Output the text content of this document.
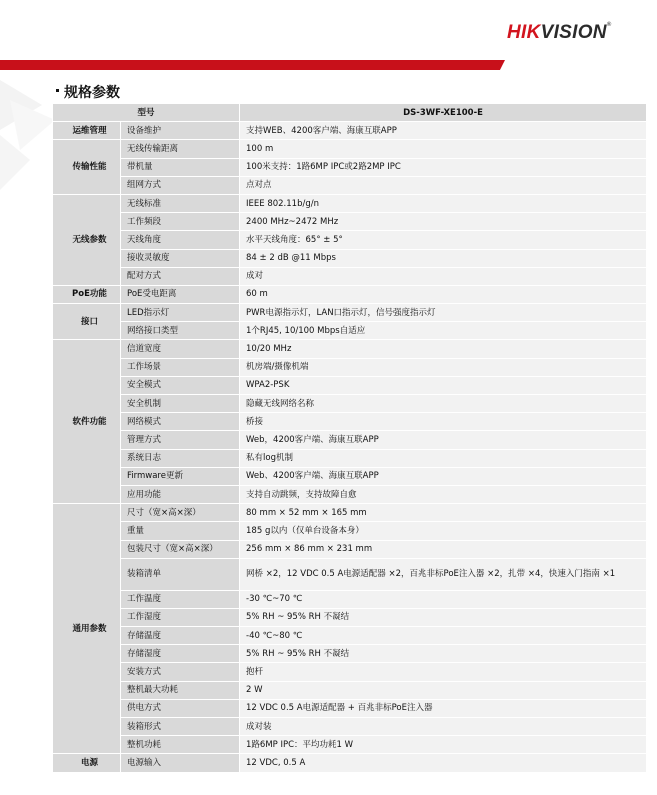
HIKVISION®
规格参数
型号		DS-3WF-XE100-E
运维管理	设备维护	支持WEB、4200客户端、海康互联APP
传输性能	无线传输距离	100 m
	带机量	100米支持：1路6MP IPC或2路2MP IPC
	组网方式	点对点
无线参数	无线标准	IEEE 802.11b/g/n
	工作频段	2400 MHz~2472 MHz
	天线角度	水平天线角度：65° ± 5°
	接收灵敏度	84 ± 2 dB @11 Mbps
	配对方式	成对
PoE功能	PoE受电距离	60 m
接口	LED指示灯	PWR电源指示灯，LAN口指示灯，信号强度指示灯
	网络接口类型	1个RJ45, 10/100 Mbps自适应
软件功能	信道宽度	10/20 MHz
	工作场景	机房端/摄像机端
	安全模式	WPA2-PSK
	安全机制	隐藏无线网络名称
	网络模式	桥接
	管理方式	Web，4200客户端、海康互联APP
	系统日志	私有log机制
	Firmware更新	Web、4200客户端、海康互联APP
	应用功能	支持自动跳频，支持故障自愈
通用参数	尺寸（宽×高×深）	80 mm × 52 mm × 165 mm
	重量	185 g以内（仅单台设备本身）
	包装尺寸（宽×高×深）	256 mm × 86 mm × 231 mm
	装箱清单	网桥 ×2，12 VDC 0.5 A电源适配器 ×2，百兆非标PoE注入器 ×2，扎带 ×4，快速入门指南 ×1
	工作温度	-30 ℃~70 ℃
	工作湿度	5% RH ~ 95% RH 不凝结
	存储温度	-40 ℃~80 ℃
	存储湿度	5% RH ~ 95% RH 不凝结
	安装方式	抱杆
	整机最大功耗	2 W
	供电方式	12 VDC 0.5 A电源适配器 + 百兆非标PoE注入器
	装箱形式	成对装
	整机功耗	1路6MP IPC：平均功耗1 W
电源	电源输入	12 VDC, 0.5 A
